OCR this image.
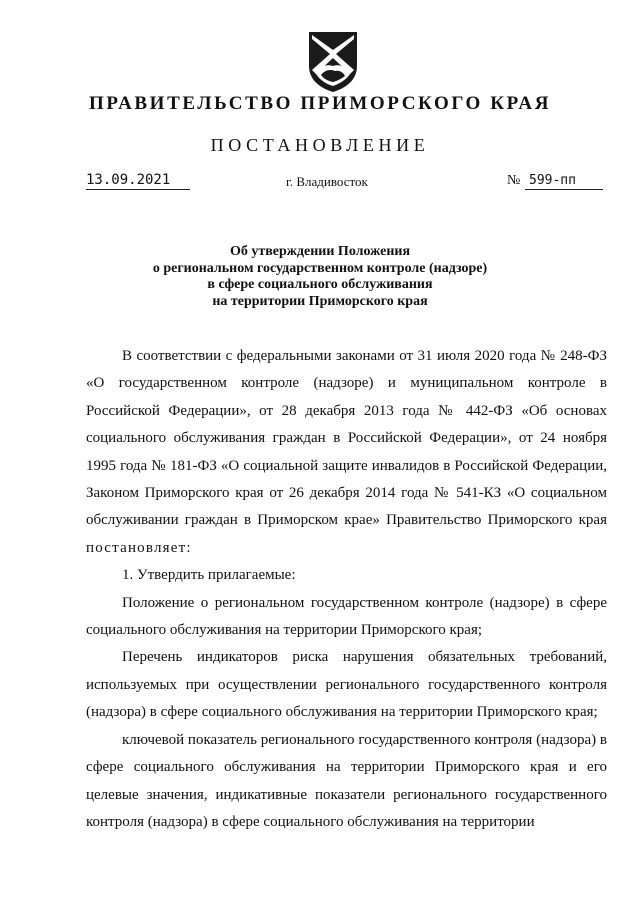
ПРАВИТЕЛЬСТВО ПРИМОРСКОГО КРАЯ
ПОСТАНОВЛЕНИЕ
13.09.2021	г. Владивосток	№ 599-пп
Об утверждении Положения
о региональном государственном контроле (надзоре)
в сфере социального обслуживания
на территории Приморского края

В соответствии с федеральными законами от 31 июля 2020 года № 248-ФЗ «О государственном контроле (надзоре) и муниципальном контроле в Российской Федерации», от 28 декабря 2013 года № 442-ФЗ «Об основах социального обслуживания граждан в Российской Федерации», от 24 ноября 1995 года № 181-ФЗ «О социальной защите инвалидов в Российской Федерации, Законом Приморского края от 26 декабря 2014 года № 541-КЗ «О социальном обслуживании граждан в Приморском крае» Правительство Приморского края постановляет:

1. Утвердить прилагаемые:

Положение о региональном государственном контроле (надзоре) в сфере социального обслуживания на территории Приморского края;

Перечень индикаторов риска нарушения обязательных требований, используемых при осуществлении регионального государственного контроля (надзора) в сфере социального обслуживания на территории Приморского края;

ключевой показатель регионального государственного контроля (надзора) в сфере социального обслуживания на территории Приморского края и его целевые значения, индикативные показатели регионального государственного контроля (надзора) в сфере социального обслуживания на территории
